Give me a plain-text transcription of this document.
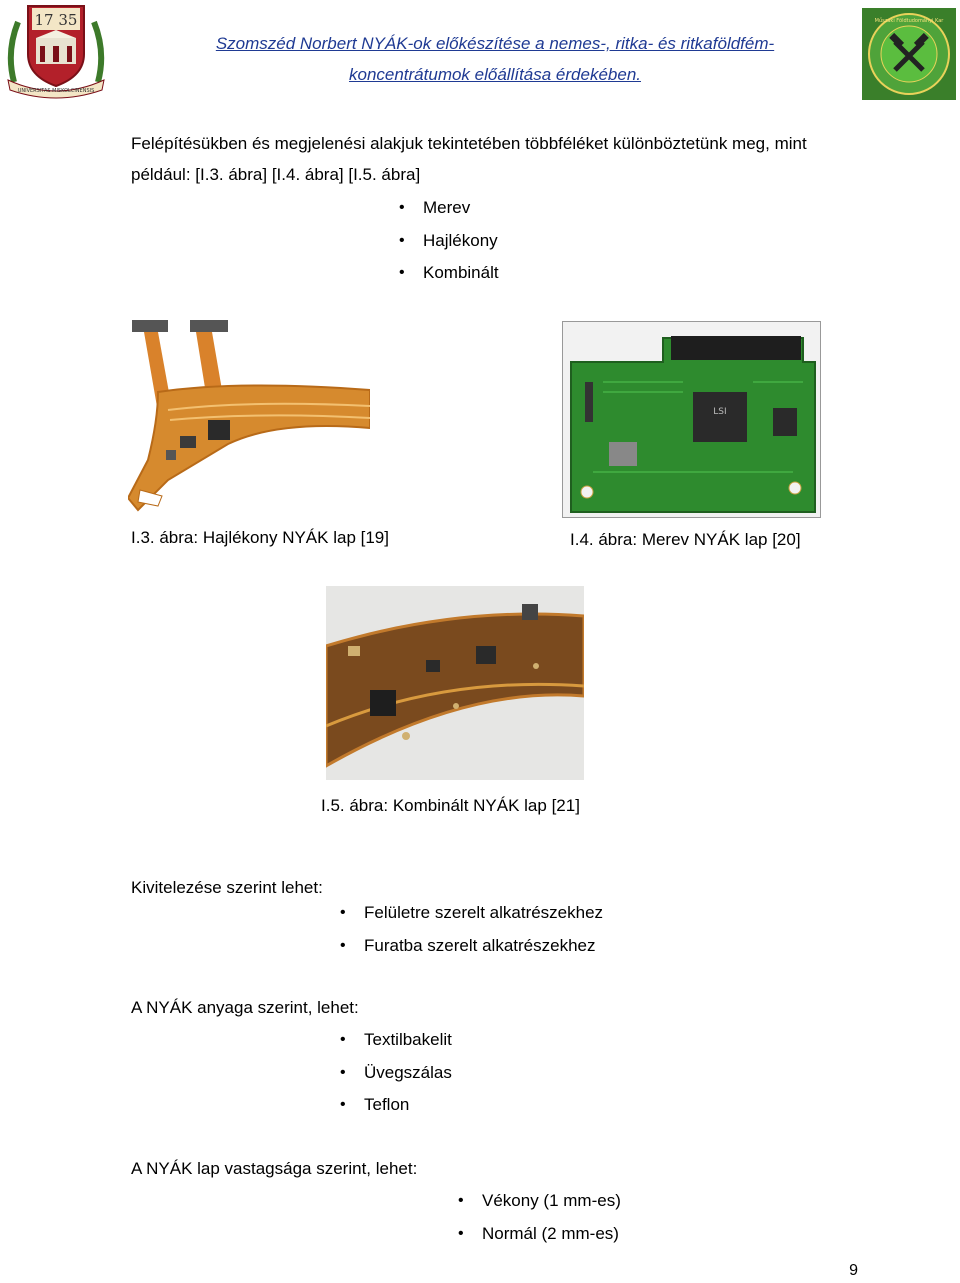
17 35
UNIVERSITAS MISKOLCINENSIS
Szomszéd Norbert NYÁK-ok előkészítése a nemes-, ritka- és ritkaföldfém-
koncentrátumok előállítása érdekében.
Műszaki Földtudományi Kar
Felépítésükben és megjelenési alakjuk tekintetében többféléket különböztetünk meg, mint
például: [I.3. ábra] [I.4. ábra] [I.5. ábra]
• Merev
• Hajlékony
• Kombinált
LSI
I.3. ábra: Hajlékony NYÁK lap [19]	I.4. ábra: Merev NYÁK lap [20]
I.5. ábra: Kombinált NYÁK lap [21]
Kivitelezése szerint lehet:
• Felületre szerelt alkatrészekhez
• Furatba szerelt alkatrészekhez
A NYÁK anyaga szerint, lehet:
• Textilbakelit
• Üvegszálas
• Teflon
A NYÁK lap vastagsága szerint, lehet:
• Vékony (1 mm-es)
• Normál (2 mm-es)
9
